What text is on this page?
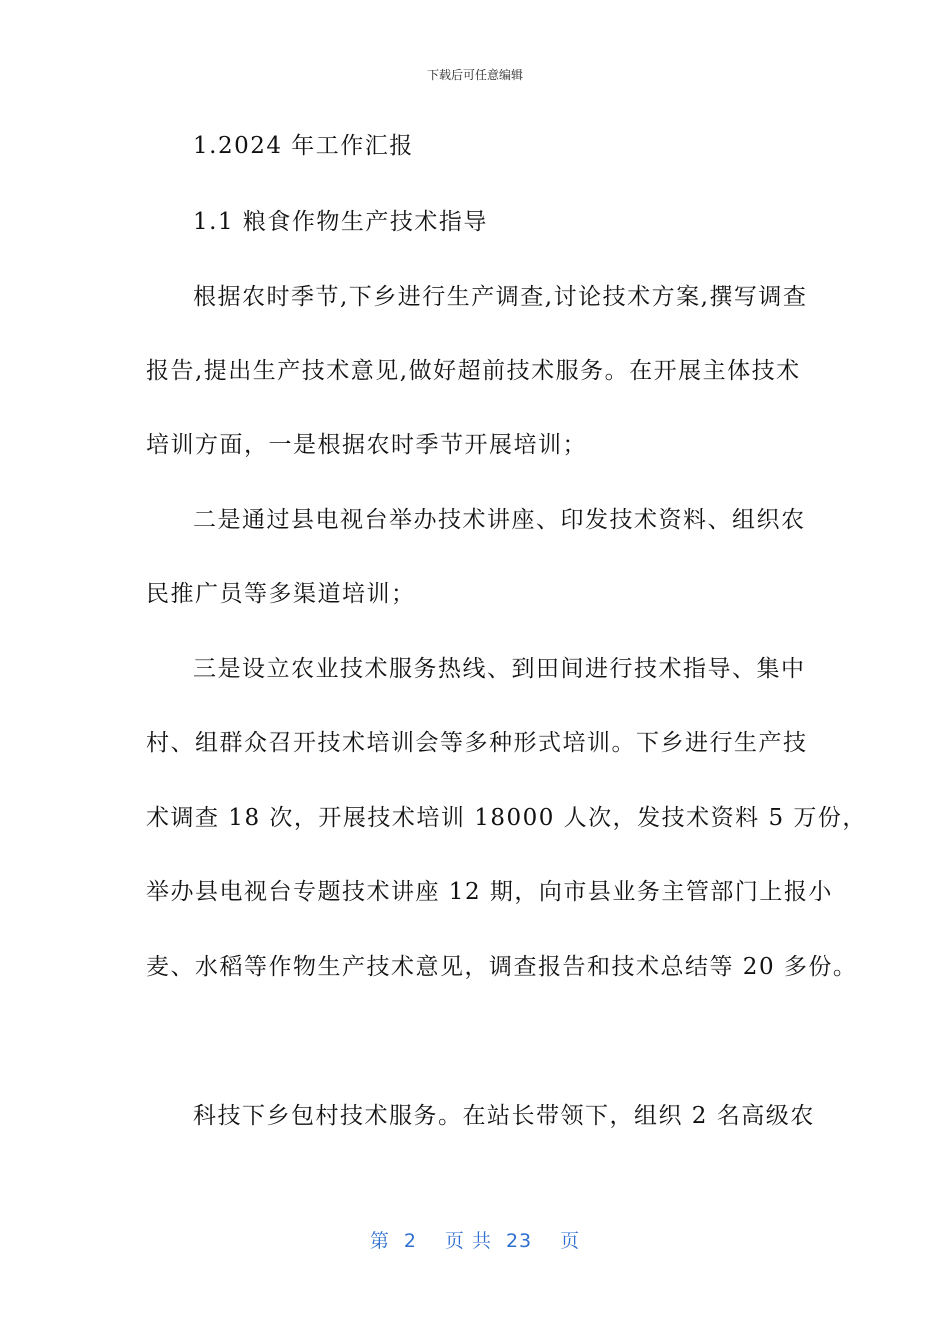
下载后可任意编辑
1.2024 年工作汇报
1.1 粮食作物生产技术指导
根据农时季节,下乡进行生产调查,讨论技术方案,撰写调查
报告,提出生产技术意见,做好超前技术服务。在开展主体技术
培训方面，一是根据农时季节开展培训；
二是通过县电视台举办技术讲座、印发技术资料、组织农
民推广员等多渠道培训；
三是设立农业技术服务热线、到田间进行技术指导、集中
村、组群众召开技术培训会等多种形式培训。下乡进行生产技
术调查 18 次，开展技术培训 18000 人次，发技术资料 5 万份，
举办县电视台专题技术讲座 12 期，向市县业务主管部门上报小
麦、水稻等作物生产技术意见，调查报告和技术总结等 20 多份。
科技下乡包村技术服务。在站长带领下，组织 2 名高级农
第 2 页 共 23 页
